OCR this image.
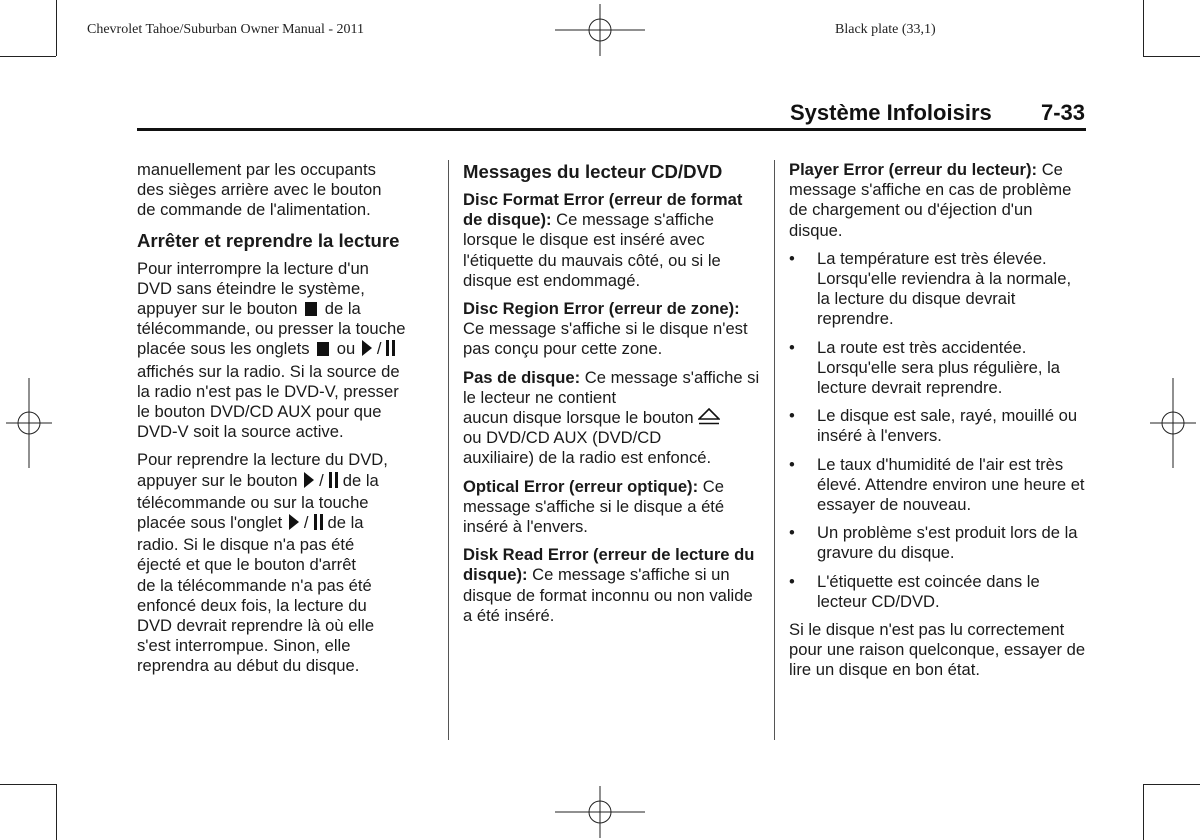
Chevrolet Tahoe/Suburban Owner Manual - 2011	Black plate (33,1)
Système Infoloisirs 7-33

manuellement par les occupants
des sièges arrière avec le bouton
de commande de l'alimentation.

Arrêter et reprendre la lecture

Pour interrompre la lecture d'un
DVD sans éteindre le système,
appuyer sur le bouton de la
télécommande, ou presser la touche
placée sous les onglets ou /
affichés sur la radio. Si la source de
la radio n'est pas le DVD-V, presser
le bouton DVD/CD AUX pour que
DVD-V soit la source active.

Pour reprendre la lecture du DVD,
appuyer sur le bouton / de la
télécommande ou sur la touche
placée sous l'onglet / de la
radio. Si le disque n'a pas été
éjecté et que le bouton d'arrêt
de la télécommande n'a pas été
enfoncé deux fois, la lecture du
DVD devrait reprendre là où elle
s'est interrompue. Sinon, elle
reprendra au début du disque.

Messages du lecteur CD/DVD

Disc Format Error (erreur de format de disque): Ce message s'affiche lorsque le disque est inséré avec l'étiquette du mauvais côté, ou si le disque est endommagé.

Disc Region Error (erreur de zone): Ce message s'affiche si le disque n'est pas conçu pour cette zone.

Pas de disque: Ce message s'affiche si le lecteur ne contient
aucun disque lorsque le bouton
ou DVD/CD AUX (DVD/CD
auxiliaire) de la radio est enfoncé.

Optical Error (erreur optique): Ce message s'affiche si le disque a été inséré à l'envers.

Disk Read Error (erreur de lecture du disque): Ce message s'affiche si un disque de format inconnu ou non valide a été inséré.

Player Error (erreur du lecteur): Ce message s'affiche en cas de problème de chargement ou d'éjection d'un disque.

• La température est très élevée. Lorsqu'elle reviendra à la normale, la lecture du disque devrait reprendre.
• La route est très accidentée. Lorsqu'elle sera plus régulière, la lecture devrait reprendre.
• Le disque est sale, rayé, mouillé ou inséré à l'envers.
• Le taux d'humidité de l'air est très élevé. Attendre environ une heure et essayer de nouveau.
• Un problème s'est produit lors de la gravure du disque.
• L'étiquette est coincée dans le lecteur CD/DVD.

Si le disque n'est pas lu correctement pour une raison quelconque, essayer de lire un disque en bon état.
